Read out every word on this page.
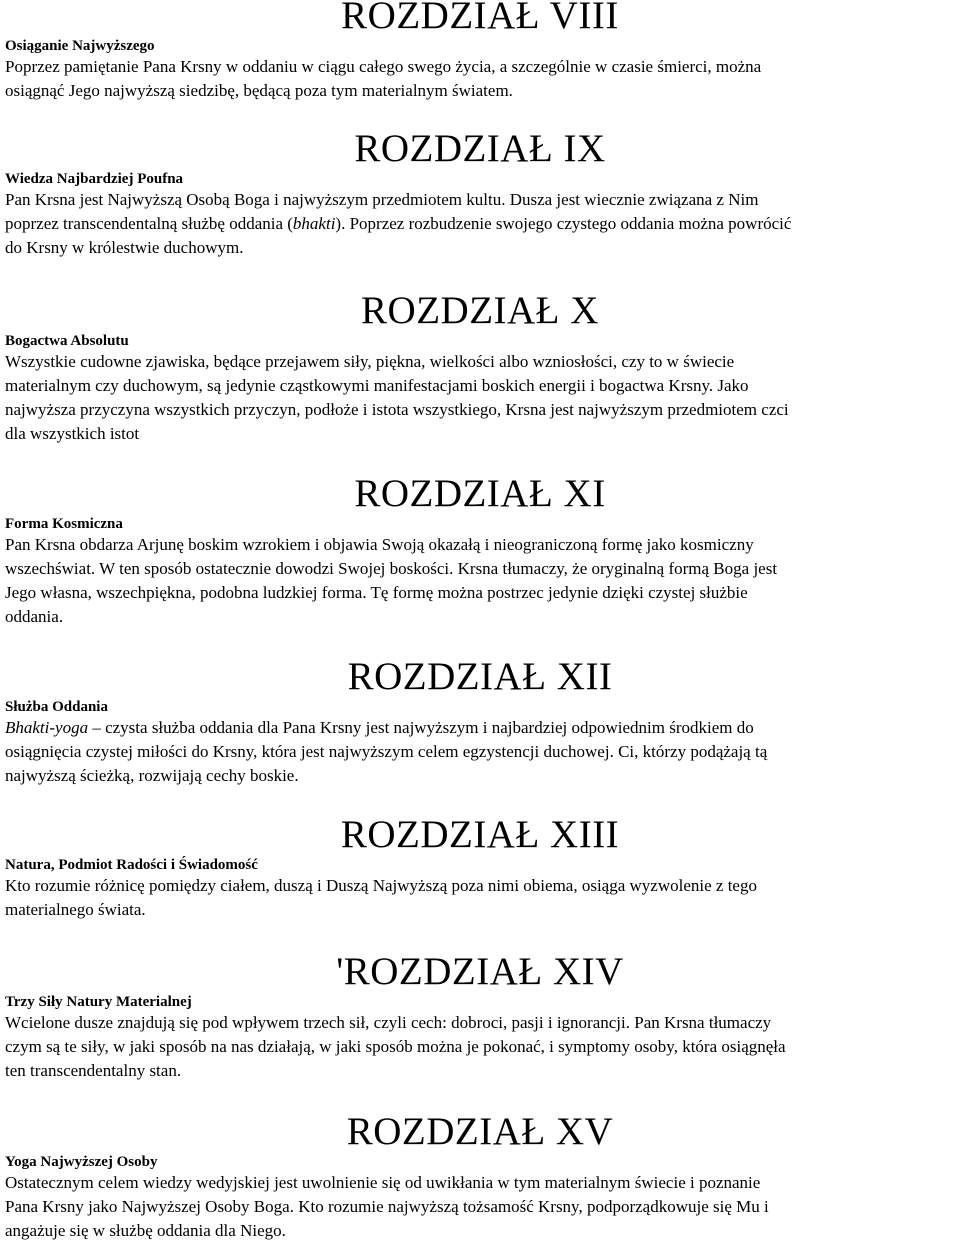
ROZDZIAŁ VIII

Osiąganie Najwyższego

Poprzez pamiętanie Pana Krsny w oddaniu w ciągu całego swego życia, a szczególnie w czasie śmierci, można
osiągnąć Jego najwyższą siedzibę, będącą poza tym materialnym światem.

ROZDZIAŁ IX

Wiedza Najbardziej Poufna

Pan Krsna jest Najwyższą Osobą Boga i najwyższym przedmiotem kultu. Dusza jest wiecznie związana z Nim
poprzez transcendentalną służbę oddania (bhakti). Poprzez rozbudzenie swojego czystego oddania można powrócić
do Krsny w królestwie duchowym.

ROZDZIAŁ X

Bogactwa Absolutu

Wszystkie cudowne zjawiska, będące przejawem siły, piękna, wielkości albo wzniosłości, czy to w świecie
materialnym czy duchowym, są jedynie cząstkowymi manifestacjami boskich energii i bogactwa Krsny. Jako
najwyższa przyczyna wszystkich przyczyn, podłoże i istota wszystkiego, Krsna jest najwyższym przedmiotem czci
dla wszystkich istot

ROZDZIAŁ XI

Forma Kosmiczna

Pan Krsna obdarza Arjunę boskim wzrokiem i objawia Swoją okazałą i nieograniczoną formę jako kosmiczny
wszechświat. W ten sposób ostatecznie dowodzi Swojej boskości. Krsna tłumaczy, że oryginalną formą Boga jest
Jego własna, wszechpiękna, podobna ludzkiej forma. Tę formę można postrzec jedynie dzięki czystej służbie
oddania.

ROZDZIAŁ XII

Służba Oddania

Bhakti-yoga – czysta służba oddania dla Pana Krsny jest najwyższym i najbardziej odpowiednim środkiem do
osiągnięcia czystej miłości do Krsny, która jest najwyższym celem egzystencji duchowej. Ci, którzy podążają tą
najwyższą ścieżką, rozwijają cechy boskie.

ROZDZIAŁ XIII

Natura, Podmiot Radości i Świadomość

Kto rozumie różnicę pomiędzy ciałem, duszą i Duszą Najwyższą poza nimi obiema, osiąga wyzwolenie z tego
materialnego świata.

'ROZDZIAŁ XIV

Trzy Siły Natury Materialnej

Wcielone dusze znajdują się pod wpływem trzech sił, czyli cech: dobroci, pasji i ignorancji. Pan Krsna tłumaczy
czym są te siły, w jaki sposób na nas działają, w jaki sposób można je pokonać, i symptomy osoby, która osiągnęła
ten transcendentalny stan.

ROZDZIAŁ XV

Yoga Najwyższej Osoby

Ostatecznym celem wiedzy wedyjskiej jest uwolnienie się od uwikłania w tym materialnym świecie i poznanie
Pana Krsny jako Najwyższej Osoby Boga. Kto rozumie najwyższą tożsamość Krsny, podporządkowuje się Mu i
angażuje się w służbę oddania dla Niego.
